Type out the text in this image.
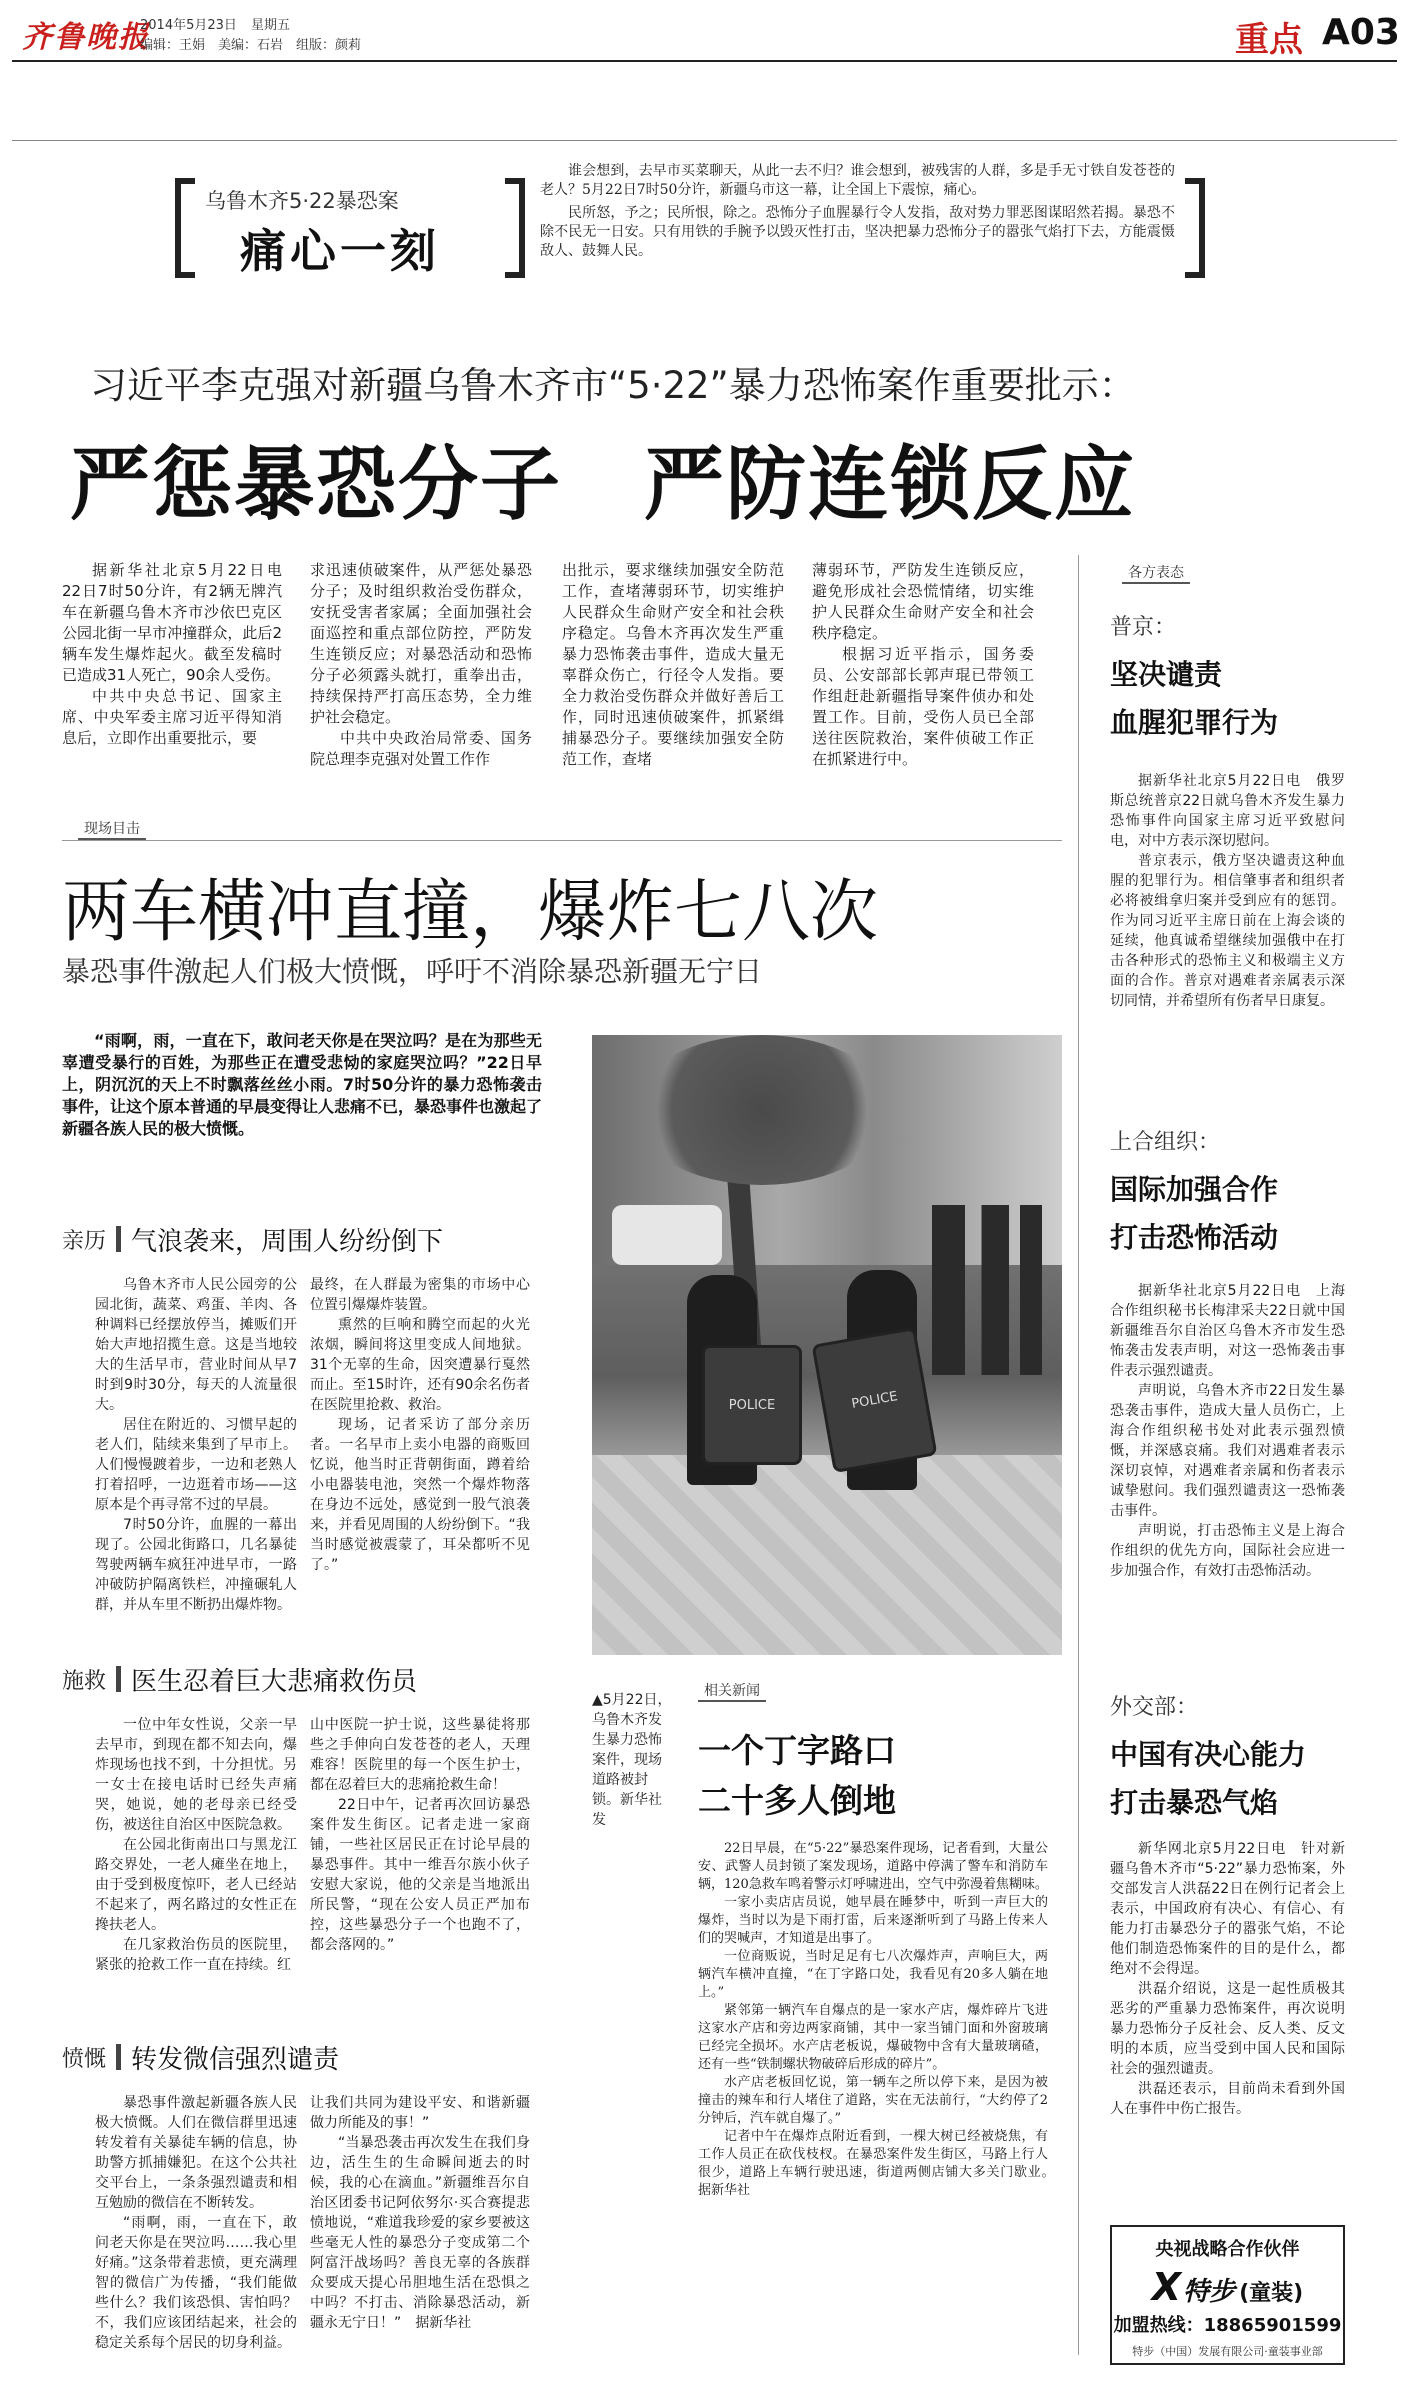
齐鲁晚报
2014年5月23日 星期五
编辑：王娟　美编：石岩　组版：颜莉	重点 A03
乌鲁木齐5·22暴恐案
痛心一刻

谁会想到，去早市买菜聊天，从此一去不归？谁会想到，被残害的人群，多是手无寸铁自发苍苍的老人？5月22日7时50分许，新疆乌市这一幕，让全国上下震惊，痛心。

民所怒，予之；民所恨，除之。恐怖分子血腥暴行令人发指，敌对势力罪恶图谋昭然若揭。暴恐不除不民无一日安。只有用铁的手腕予以毁灭性打击，坚决把暴力恐怖分子的嚣张气焰打下去，方能震慑敌人、鼓舞人民。

习近平李克强对新疆乌鲁木齐市“5·22”暴力恐怖案作重要批示：
严惩暴恐分子　严防连锁反应

据新华社北京5月22日电　22日7时50分许，有2辆无牌汽车在新疆乌鲁木齐市沙依巴克区公园北街一早市冲撞群众，此后2辆车发生爆炸起火。截至发稿时已造成31人死亡，90余人受伤。

中共中央总书记、国家主席、中央军委主席习近平得知消息后，立即作出重要批示，要

求迅速侦破案件，从严惩处暴恐分子；及时组织救治受伤群众，安抚受害者家属；全面加强社会面巡控和重点部位防控，严防发生连锁反应；对暴恐活动和恐怖分子必须露头就打，重拳出击，持续保持严打高压态势，全力维护社会稳定。

中共中央政治局常委、国务院总理李克强对处置工作作

出批示，要求继续加强安全防范工作，查堵薄弱环节，切实维护人民群众生命财产安全和社会秩序稳定。乌鲁木齐再次发生严重暴力恐怖袭击事件，造成大量无辜群众伤亡，行径令人发指。要全力救治受伤群众并做好善后工作，同时迅速侦破案件，抓紧缉捕暴恐分子。要继续加强安全防范工作，查堵

薄弱环节，严防发生连锁反应，避免形成社会恐慌情绪，切实维护人民群众生命财产安全和社会秩序稳定。

根据习近平指示，国务委员、公安部部长郭声琨已带领工作组赶赴新疆指导案件侦办和处置工作。目前，受伤人员已全部送往医院救治，案件侦破工作正在抓紧进行中。

各方表态
普京：
坚决谴责
血腥犯罪行为

据新华社北京5月22日电　俄罗斯总统普京22日就乌鲁木齐发生暴力恐怖事件向国家主席习近平致慰问电，对中方表示深切慰问。

普京表示，俄方坚决谴责这种血腥的犯罪行为。相信肇事者和组织者必将被缉拿归案并受到应有的惩罚。作为同习近平主席日前在上海会谈的延续，他真诚希望继续加强俄中在打击各种形式的恐怖主义和极端主义方面的合作。普京对遇难者亲属表示深切同情，并希望所有伤者早日康复。

上合组织：
国际加强合作
打击恐怖活动

据新华社北京5月22日电　上海合作组织秘书长梅津采夫22日就中国新疆维吾尔自治区乌鲁木齐市发生恐怖袭击发表声明，对这一恐怖袭击事件表示强烈谴责。

声明说，乌鲁木齐市22日发生暴恐袭击事件，造成大量人员伤亡，上海合作组织秘书处对此表示强烈愤慨，并深感哀痛。我们对遇难者表示深切哀悼，对遇难者亲属和伤者表示诚挚慰问。我们强烈谴责这一恐怖袭击事件。

声明说，打击恐怖主义是上海合作组织的优先方向，国际社会应进一步加强合作，有效打击恐怖活动。

外交部：
中国有决心能力
打击暴恐气焰

新华网北京5月22日电　针对新疆乌鲁木齐市“5·22”暴力恐怖案，外交部发言人洪磊22日在例行记者会上表示，中国政府有决心、有信心、有能力打击暴恐分子的嚣张气焰，不论他们制造恐怖案件的目的是什么，都绝对不会得逞。

洪磊介绍说，这是一起性质极其恶劣的严重暴力恐怖案件，再次说明暴力恐怖分子反社会、反人类、反文明的本质，应当受到中国人民和国际社会的强烈谴责。

洪磊还表示，目前尚未看到外国人在事件中伤亡报告。

现场目击
两车横冲直撞，爆炸七八次
暴恐事件激起人们极大愤慨，呼吁不消除暴恐新疆无宁日
“雨啊，雨，一直在下，敢问老天你是在哭泣吗？是在为那些无辜遭受暴行的百姓，为那些正在遭受悲恸的家庭哭泣吗？”22日早上，阴沉沉的天上不时飘落丝丝小雨。7时50分许的暴力恐怖袭击事件，让这个原本普通的早晨变得让人悲痛不已，暴恐事件也激起了新疆各族人民的极大愤慨。
亲历 气浪袭来，周围人纷纷倒下

乌鲁木齐市人民公园旁的公园北街，蔬菜、鸡蛋、羊肉、各种调料已经摆放停当，摊贩们开始大声地招揽生意。这是当地较大的生活早市，营业时间从早7时到9时30分，每天的人流量很大。

居住在附近的、习惯早起的老人们，陆续来集到了早市上。人们慢慢踱着步，一边和老熟人打着招呼，一边逛着市场——这原本是个再寻常不过的早晨。

7时50分许，血腥的一幕出现了。公园北街路口，几名暴徒驾驶两辆车疯狂冲进早市，一路冲破防护隔离铁栏，冲撞碾轧人群，并从车里不断扔出爆炸物。

最终，在人群最为密集的市场中心位置引爆爆炸装置。

熏然的巨响和腾空而起的火光浓烟，瞬间将这里变成人间地狱。31个无辜的生命，因突遭暴行戛然而止。至15时许，还有90余名伤者在医院里抢救、救治。

现场，记者采访了部分亲历者。一名早市上卖小电器的商贩回忆说，他当时正背朝街面，蹲着给小电器装电池，突然一个爆炸物落在身边不远处，感觉到一股气浪袭来，并看见周围的人纷纷倒下。“我当时感觉被震蒙了，耳朵都听不见了。”

施救 医生忍着巨大悲痛救伤员

一位中年女性说，父亲一早去早市，到现在都不知去向，爆炸现场也找不到，十分担忧。另一女士在接电话时已经失声痛哭，她说，她的老母亲已经受伤，被送往自治区中医院急救。

在公园北街南出口与黑龙江路交界处，一老人瘫坐在地上，由于受到极度惊吓，老人已经站不起来了，两名路过的女性正在搀扶老人。

在几家救治伤员的医院里，紧张的抢救工作一直在持续。红

山中医院一护士说，这些暴徒将那些之手伸向白发苍苍的老人，天理难容！医院里的每一个医生护士，都在忍着巨大的悲痛抢救生命！

22日中午，记者再次回访暴恐案件发生街区。记者走进一家商铺，一些社区居民正在讨论早晨的暴恐事件。其中一维吾尔族小伙子安慰大家说，他的父亲是当地派出所民警，“现在公安人员正严加布控，这些暴恐分子一个也跑不了，都会落网的。”

愤慨 转发微信强烈谴责

暴恐事件激起新疆各族人民极大愤慨。人们在微信群里迅速转发着有关暴徒车辆的信息，协助警方抓捕嫌犯。在这个公共社交平台上，一条条强烈谴责和相互勉励的微信在不断转发。

“雨啊，雨，一直在下，敢问老天你是在哭泣吗……我心里好痛。”这条带着悲愤，更充满理智的微信广为传播，“我们能做些什么？我们该恐惧、害怕吗？不，我们应该团结起来，社会的稳定关系每个居民的切身利益。

让我们共同为建设平安、和谐新疆做力所能及的事！”

“当暴恐袭击再次发生在我们身边，活生生的生命瞬间逝去的时候，我的心在滴血。”新疆维吾尔自治区团委书记阿依努尔·买合赛提悲愤地说，“难道我珍爱的家乡要被这些毫无人性的暴恐分子变成第二个阿富汗战场吗？善良无辜的各族群众要成天提心吊胆地生活在恐惧之中吗？不打击、消除暴恐活动，新疆永无宁日！”　据新华社

POLICE	POLICE
▲5月22日，乌鲁木齐发生暴力恐怖案件，现场道路被封锁。新华社发
相关新闻
一个丁字路口
二十多人倒地

22日早晨，在“5·22”暴恐案件现场，记者看到，大量公安、武警人员封锁了案发现场，道路中停满了警车和消防车辆，120急救车鸣着警示灯呼啸进出，空气中弥漫着焦糊味。

一家小卖店店员说，她早晨在睡梦中，听到一声巨大的爆炸，当时以为是下雨打雷，后来逐渐听到了马路上传来人们的哭喊声，才知道是出事了。

一位商贩说，当时足足有七八次爆炸声，声响巨大，两辆汽车横冲直撞，“在丁字路口处，我看见有20多人躺在地上。”

紧邻第一辆汽车自爆点的是一家水产店，爆炸碎片飞进这家水产店和旁边两家商铺，其中一家当铺门面和外窗玻璃已经完全损坏。水产店老板说，爆破物中含有大量玻璃碴，还有一些“铁制螺状物破碎后形成的碎片”。

水产店老板回忆说，第一辆车之所以停下来，是因为被撞击的辣车和行人堵住了道路，实在无法前行，“大约停了2分钟后，汽车就自爆了。”

记者中午在爆炸点附近看到，一棵大树已经被烧焦，有工作人员正在砍伐枝杈。在暴恐案件发生街区，马路上行人很少，道路上车辆行驶迅速，街道两侧店铺大多关门歇业。　据新华社

央视战略合作伙伴
X 特步 (童装)
加盟热线：18865901599
特步（中国）发展有限公司·童装事业部
